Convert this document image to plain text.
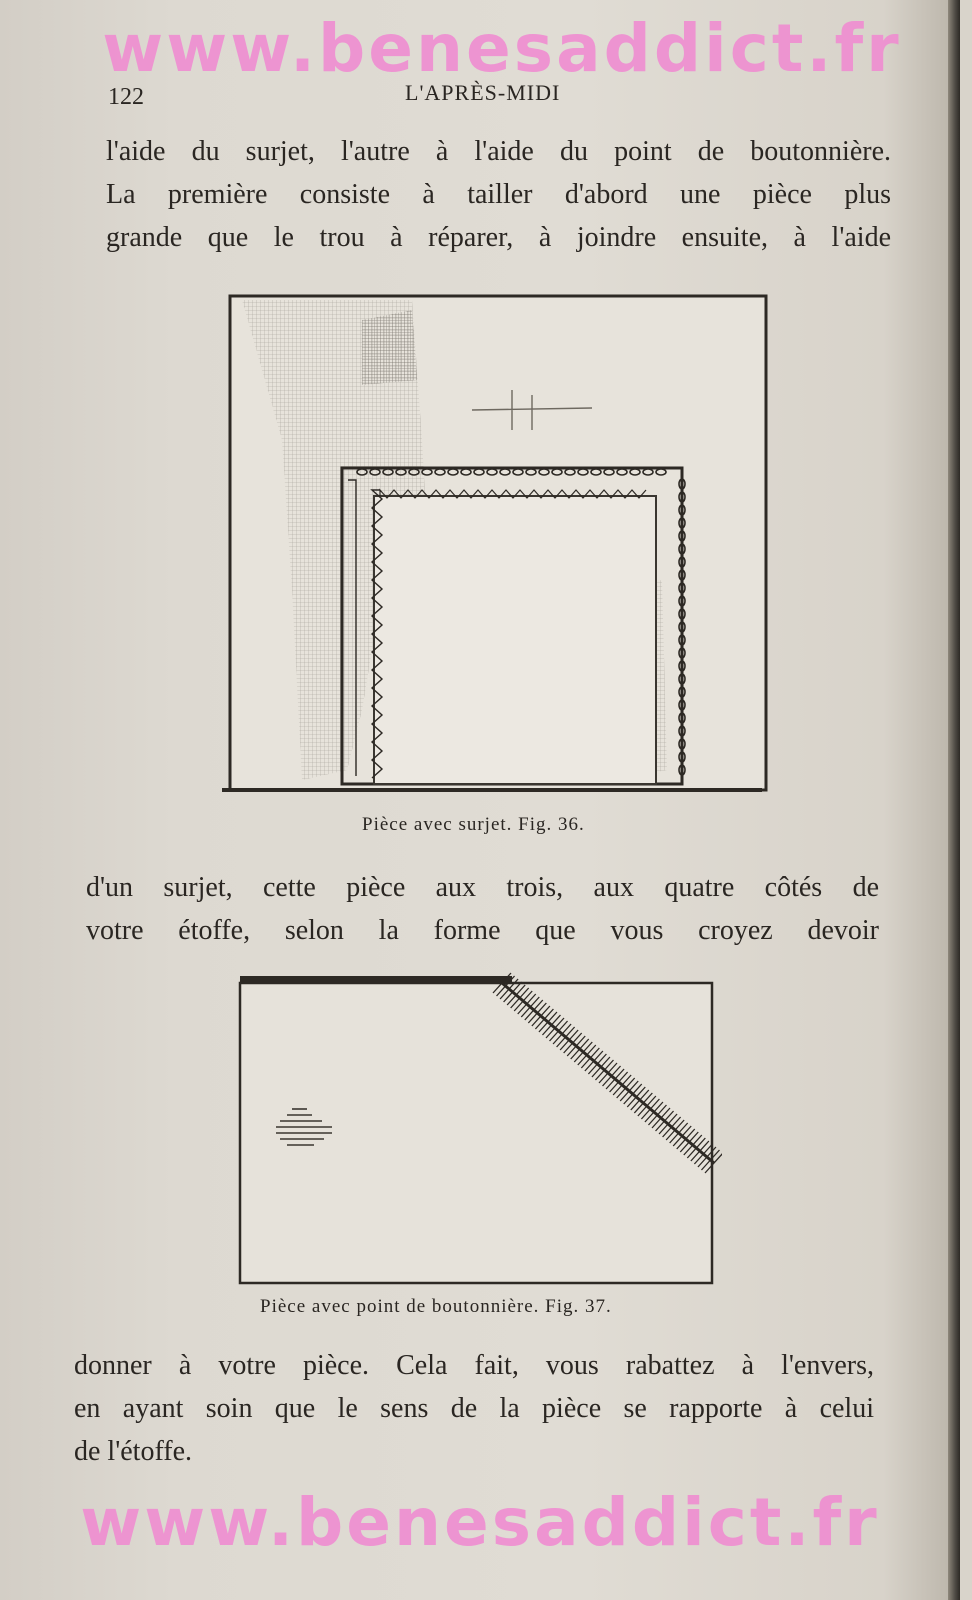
www.benesaddict.fr
122	L'APRÈS-MIDI
l'aide du surjet, l'autre à l'aide du point de boutonnière.
La première consiste à tailler d'abord une pièce plus
grande que le trou à réparer, à joindre ensuite, à l'aide
Pièce avec surjet. Fig. 36.
d'un surjet, cette pièce aux trois, aux quatre côtés de
votre étoffe, selon la forme que vous croyez devoir
Pièce avec point de boutonnière. Fig. 37.
donner à votre pièce. Cela fait, vous rabattez à l'envers,
en ayant soin que le sens de la pièce se rapporte à celui
de l'étoffe.
www.benesaddict.fr
